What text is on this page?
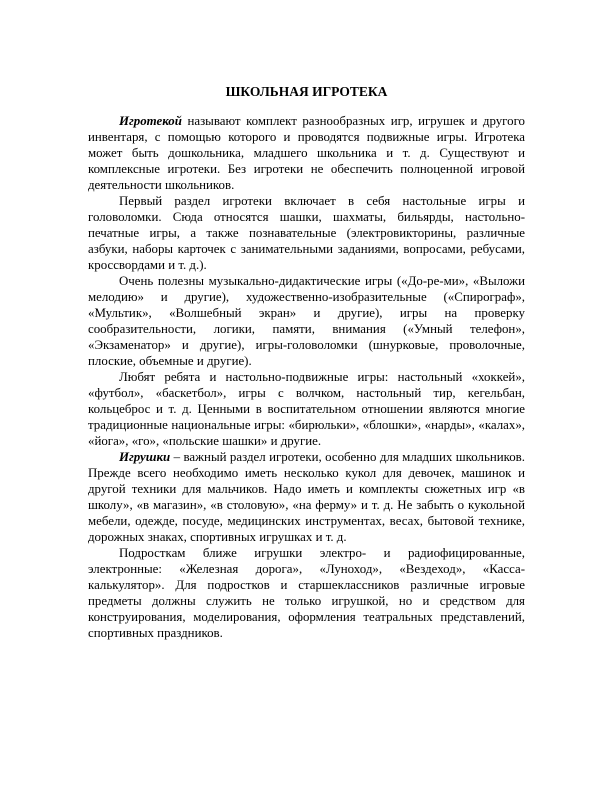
ШКОЛЬНАЯ ИГРОТЕКА

Игротекой называют комплект разнообразных игр, игрушек и другого инвентаря, с помощью которого и проводятся подвижные игры. Игротека может быть дошкольника, младшего школьника и т. д. Существуют и комплексные игротеки. Без игротеки не обеспечить полноценной игровой деятельности школьников.

Первый раздел игротеки включает в себя настольные игры и головоломки. Сюда относятся шашки, шахматы, бильярды, настольно-печатные игры, а также познавательные (электровикторины, различные азбуки, наборы карточек с занимательными заданиями, вопросами, ребусами, кроссвордами и т. д.).

Очень полезны музыкально-дидактические игры («До-ре-ми», «Выложи мелодию» и другие), художественно-изобразительные («Спирограф», «Мультик», «Волшебный экран» и другие), игры на проверку сообразительности, логики, памяти, внимания («Умный телефон», «Экзаменатор» и другие), игры-головоломки (шнурковые, проволочные, плоские, объемные и другие).

Любят ребята и настольно-подвижные игры: настольный «хоккей», «футбол», «баскетбол», игры с волчком, настольный тир, кегельбан, кольцеброс и т. д. Ценными в воспитательном отношении являются многие традиционные национальные игры: «бирюльки», «блошки», «нарды», «калах», «йога», «го», «польские шашки» и другие.

Игрушки – важный раздел игротеки, особенно для младших школьников. Прежде всего необходимо иметь несколько кукол для девочек, машинок и другой техники для мальчиков. Надо иметь и комплекты сюжетных игр «в школу», «в магазин», «в столовую», «на ферму» и т. д. Не забыть о кукольной мебели, одежде, посуде, медицинских инструментах, весах, бытовой технике, дорожных знаках, спортивных игрушках и т. д.

Подросткам ближе игрушки электро- и радиофицированные, электронные: «Железная дорога», «Луноход», «Вездеход», «Касса-калькулятор». Для подростков и старшеклассников различные игровые предметы должны служить не только игрушкой, но и средством для конструирования, моделирования, оформления театральных представлений, спортивных праздников.
